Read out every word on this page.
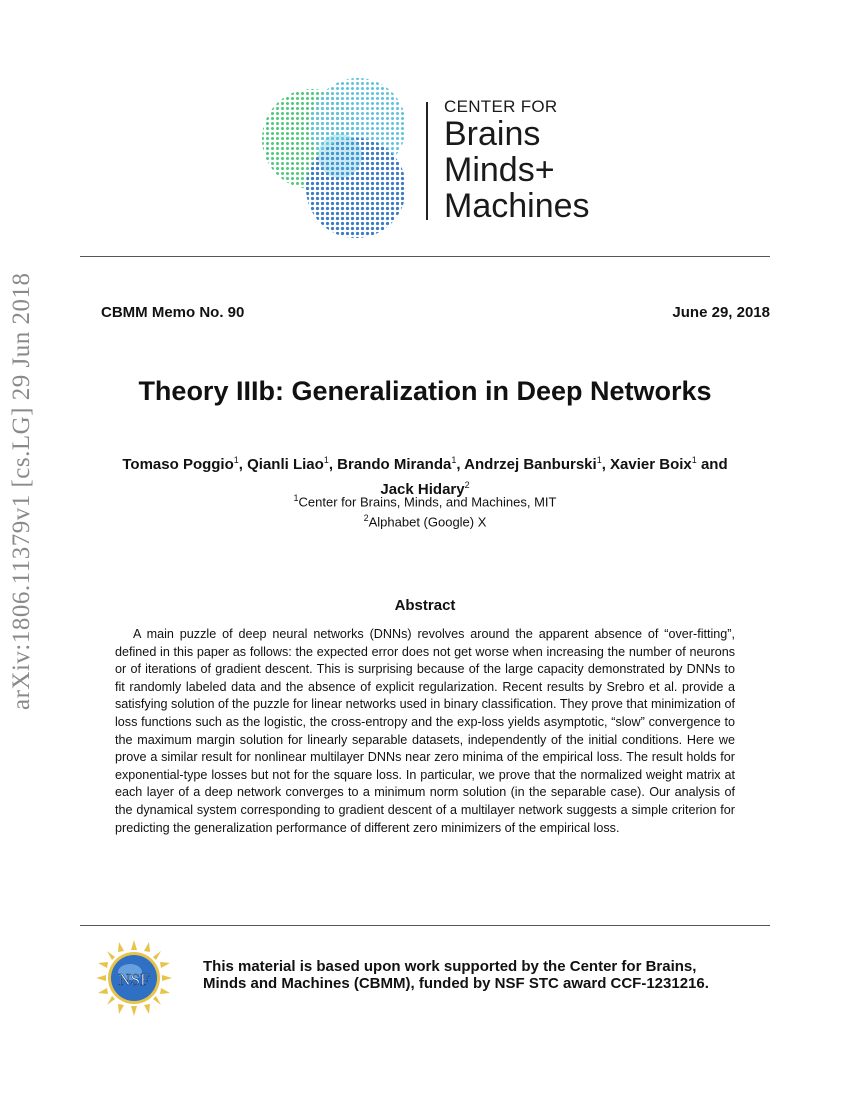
CENTER FOR
Brains
Minds+
Machines
arXiv:1806.11379v1 [cs.LG] 29 Jun 2018	CBMM Memo No. 90	June 29, 2018
Theory IIIb: Generalization in Deep Networks
Tomaso Poggio$^1$, Qianli Liao$^1$, Brando Miranda$^1$, Andrzej Banburski$^1$, Xavier Boix$^1$ and
Jack Hidary$^2$
$^1$Center for Brains, Minds, and Machines, MIT
$^2$Alphabet (Google) X
Abstract
A main puzzle of deep neural networks (DNNs) revolves around the apparent absence of “over-fitting”, defined in this paper as follows: the expected error does not get worse when increasing the number of neurons or of iterations of gradient descent. This is surprising because of the large capacity demonstrated by DNNs to fit randomly labeled data and the absence of explicit regularization. Recent results by Srebro et al. provide a satisfying solution of the puzzle for linear networks used in binary classification. They prove that minimization of loss functions such as the logistic, the cross-entropy and the exp-loss yields asymptotic, “slow” convergence to the maximum margin solution for linearly separable datasets, independently of the initial conditions. Here we prove a similar result for nonlinear multilayer DNNs near zero minima of the empirical loss. The result holds for exponential-type losses but not for the square loss. In particular, we prove that the normalized weight matrix at each layer of a deep network converges to a minimum norm solution (in the separable case). Our analysis of the dynamical system corresponding to gradient descent of a multilayer network suggests a simple criterion for predicting the generalization performance of different zero minimizers of the empirical loss.
NSF
This material is based upon work supported by the Center for Brains,
Minds and Machines (CBMM), funded by NSF STC award CCF-1231216.
